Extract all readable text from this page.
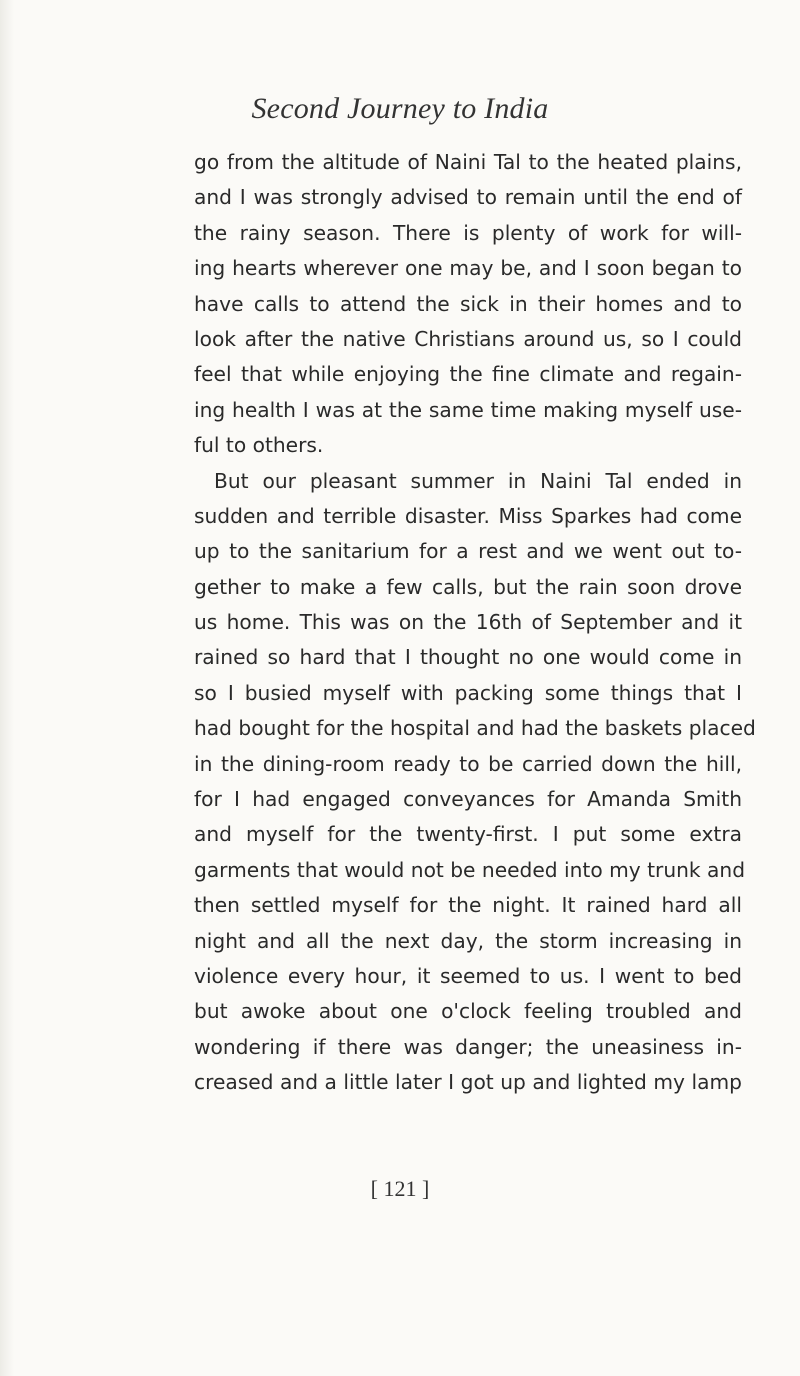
Second Journey to India
go from the altitude of Naini Tal to the heated plains,
and I was strongly advised to remain until the end of
the rainy season. There is plenty of work for will-
ing hearts wherever one may be, and I soon began to
have calls to attend the sick in their homes and to
look after the native Christians around us, so I could
feel that while enjoying the fine climate and regain-
ing health I was at the same time making myself use-
ful to others.
But our pleasant summer in Naini Tal ended in
sudden and terrible disaster. Miss Sparkes had come
up to the sanitarium for a rest and we went out to-
gether to make a few calls, but the rain soon drove
us home. This was on the 16th of September and it
rained so hard that I thought no one would come in
so I busied myself with packing some things that I
had bought for the hospital and had the baskets placed
in the dining-room ready to be carried down the hill,
for I had engaged conveyances for Amanda Smith
and myself for the twenty-first. I put some extra
garments that would not be needed into my trunk and
then settled myself for the night. It rained hard all
night and all the next day, the storm increasing in
violence every hour, it seemed to us. I went to bed
but awoke about one o'clock feeling troubled and
wondering if there was danger; the uneasiness in-
creased and a little later I got up and lighted my lamp
[ 121 ]
